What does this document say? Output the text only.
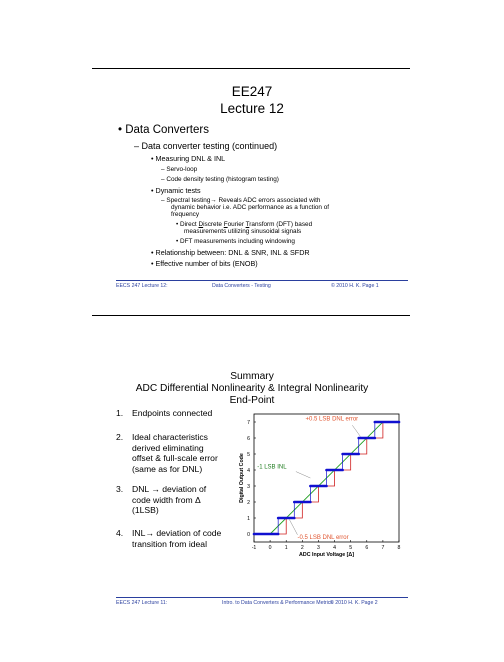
EE247
Lecture 12
• Data Converters
– Data converter testing (continued)
• Measuring DNL & INL
– Servo-loop
– Code density testing (histogram testing)
• Dynamic tests
– Spectral testing→ Reveals ADC errors associated with
dynamic behavior i.e. ADC performance as a function of
frequency
• Direct Discrete Fourier Transform (DFT) based
measurements utilizing sinusoidal signals
• DFT measurements including windowing
• Relationship between: DNL & SNR, INL & SFDR
• Effective number of bits (ENOB)
EECS 247 Lecture 12:	Data Converters - Testing	© 2010 H. K. Page 1
Summary
ADC Differential Nonlinearity & Integral Nonlinearity
End-Point
1. Endpoints connected
2. Ideal characteristics
derived eliminating
offset & full-scale error
(same as for DNL)
3. DNL → deviation of
code width from Δ
(1LSB)
4. INL→ deviation of code
transition from ideal	-1 0	1	2	3	4	5	6	7	8
0
1
2
3
4
5
6
7
ADC Input Voltage [Δ]
Digital Output Code
+0.5 LSB DNL error
-1 LSB INL
-0.5 LSB DNL error
EECS 247 Lecture 11:	Intro. to Data Converters & Performance Metrics
© 2010 H. K. Page 2
